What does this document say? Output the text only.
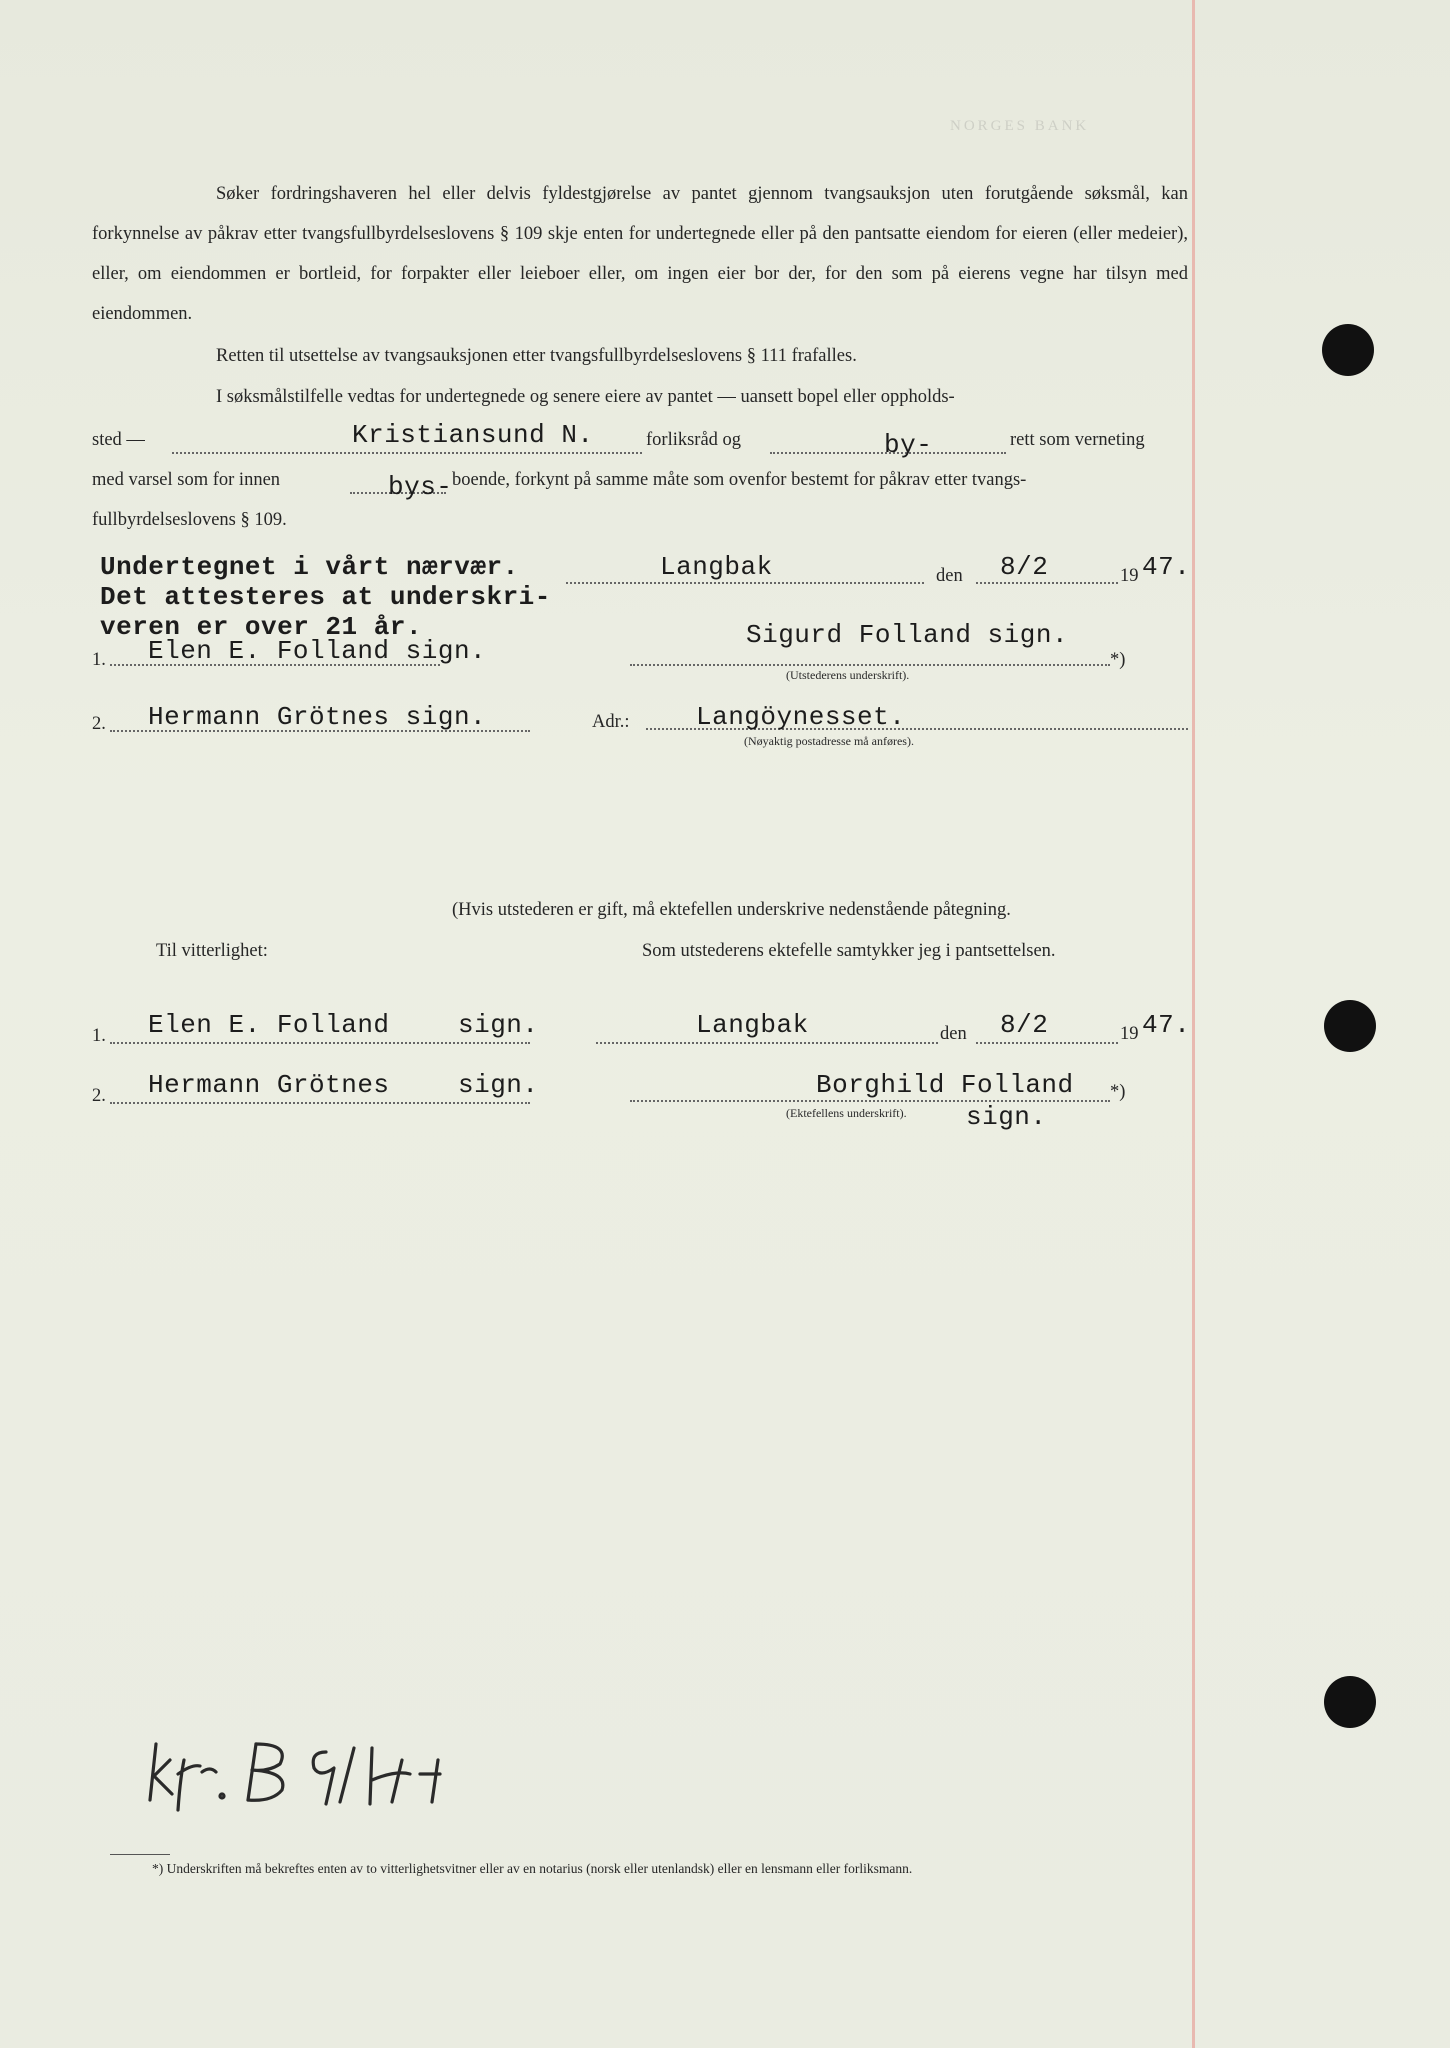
NORGES BANK

Søker fordringshaveren hel eller delvis fyldestgjørelse av pantet gjennom tvangsauksjon uten forutgående søksmål, kan forkynnelse av påkrav etter tvangsfullbyrdelseslovens § 109 skje enten for undertegnede eller på den pantsatte eiendom for eieren (eller medeier), eller, om eiendommen er bortleid, for forpakter eller leieboer eller, om ingen eier bor der, for den som på eierens vegne har tilsyn med eiendommen.

Retten til utsettelse av tvangsauksjonen etter tvangsfullbyrdelseslovens § 111 frafalles.
I søksmålstilfelle vedtas for undertegnede og senere eiere av pantet — uansett bopel eller oppholds-
sted —	Kristiansund N.	forliksråd og	by-	rett som verneting
med varsel som for innen	bys- boende, forkynt på samme måte som ovenfor bestemt for påkrav etter tvangs-
fullbyrdelseslovens § 109.
Undertegnet i vårt nærvær.
Det attesteres at underskri-
veren er over 21 år.
Langbak	den 8/2	19 47.
1. Elen E. Folland sign.
Sigurd Folland sign.
*)
(Utstederens underskrift).
2. Hermann Grötnes sign.	Adr.:	Langöynesset.
(Nøyaktig postadresse må anføres).
(Hvis utstederen er gift, må ektefellen underskrive nedenstående påtegning.
Til vitterlighet:	Som utstederens ektefelle samtykker jeg i pantsettelsen.
1. Elen E. Folland	sign.	Langbak	den 8/2	19 47.
2. Hermann Grötnes	sign.	Borghild Folland *)
(Ektefellens underskrift). sign.
*) Underskriften må bekreftes enten av to vitterlighetsvitner eller av en notarius (norsk eller utenlandsk) eller en lensmann eller forliksmann.
